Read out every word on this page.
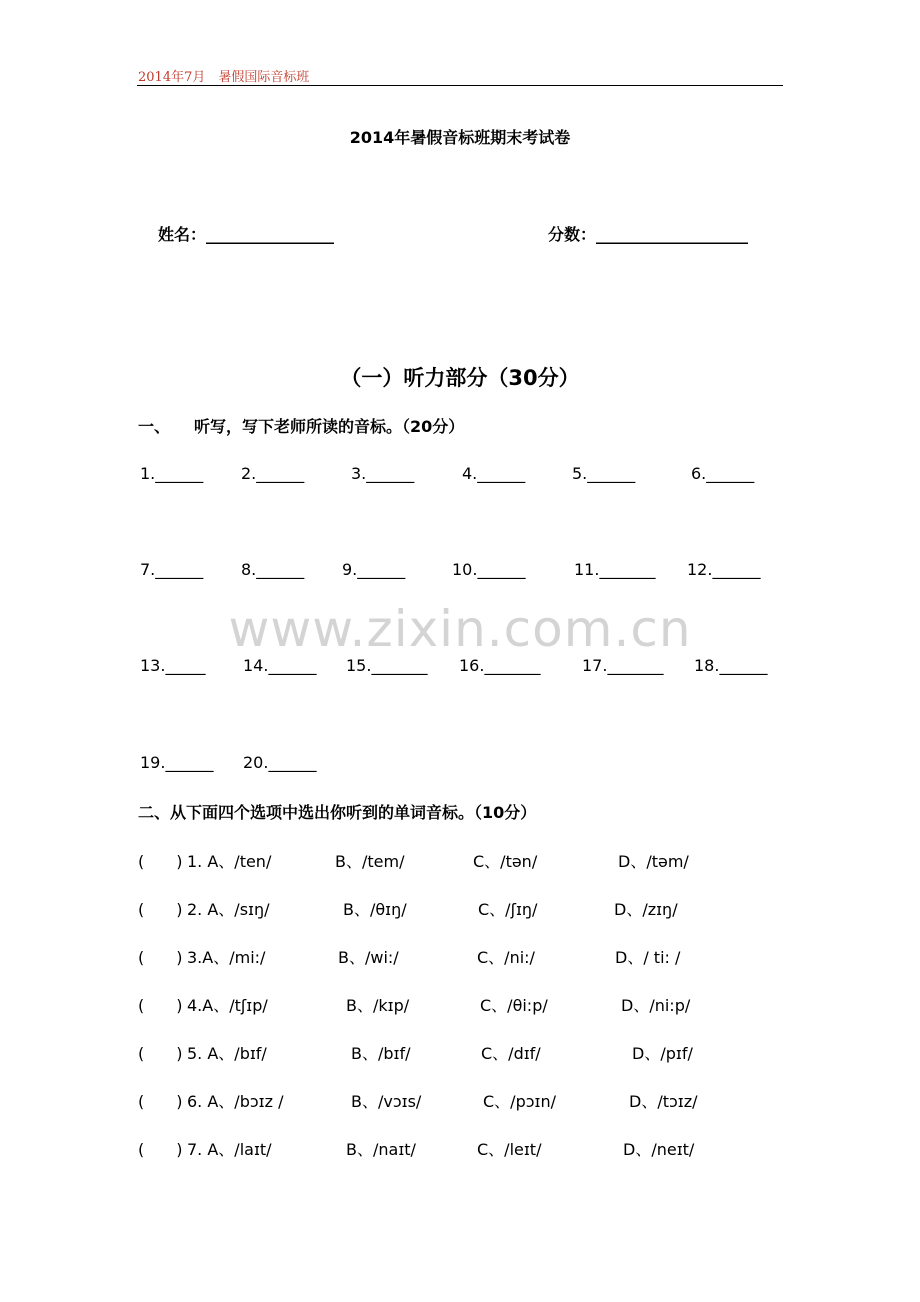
2014年7月　暑假国际音标班
2014年暑假音标班期末考试卷
姓名：________________	分数：___________________
（一）听力部分（30分）
一、　　听写，写下老师所读的音标。（20分）
1.______ 2.______	3.______	4.______	5.______	6.______
7.______ 8.______ 9.______	10.______	11._______ 12.______
www.zixin.com.cn
13._____ 14.______ 15._______ 16._______	17._______ 18.______
19.______ 20.______
二、从下面四个选项中选出你听到的单词音标。（10分）
(　　) 1. A、/ten/	B、/tem/	C、/tən/	D、/təm/
(　　) 2. A、/sɪŋ/	B、/θɪŋ/	C、/ʃɪŋ/	D、/zɪŋ/
(　　) 3.A、/mi:/	B、/wi:/	C、/ni:/	D、/ ti: /
(　　) 4.A、/tʃɪp/	B、/kɪp/	C、/θi:p/	D、/ni:p/
(　　) 5. A、/bɪf/	B、/bɪf/	C、/dɪf/	D、/pɪf/
(　　) 6. A、/bɔɪz /	B、/vɔɪs/	C、/pɔɪn/	D、/tɔɪz/
(　　) 7. A、/laɪt/	B、/naɪt/	C、/leɪt/	D、/neɪt/
